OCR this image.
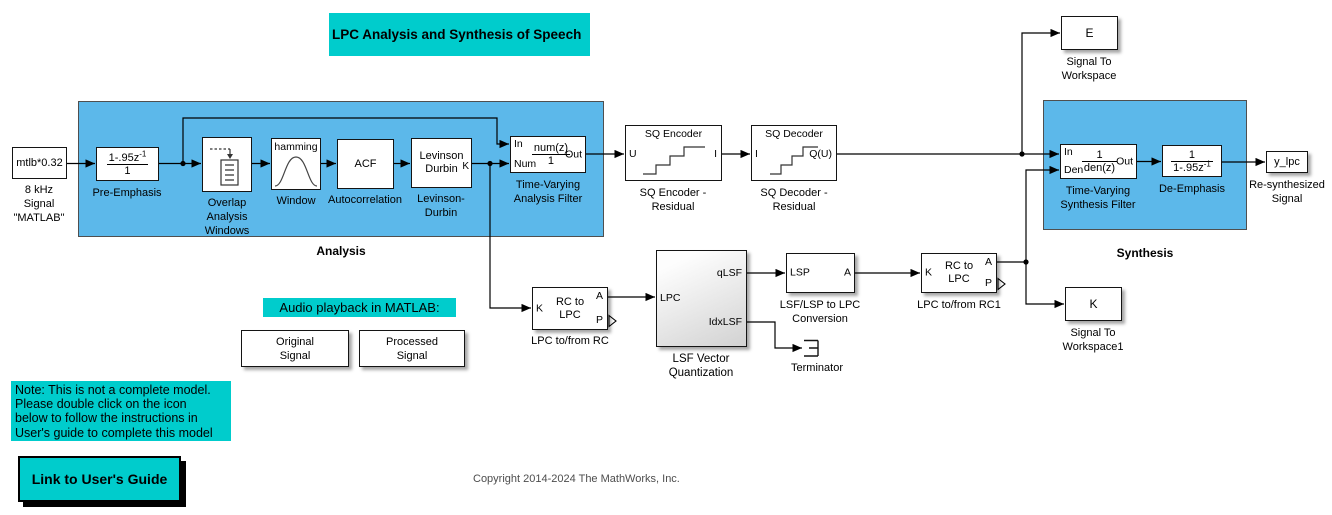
Analysis	Synthesis
LPC Analysis and Synthesis of Speech
mtlb*0.32
8 kHz
Signal
"MATLAB"
$\frac{1-.95z^{-1}}{1}$
Pre-Emphasis
Overlap
Analysis
Windows
hamming
Window
ACF
Autocorrelation
Levinson
Durbin K
Levinson-
Durbin
In
Num
Out
$\frac{\text{num(z)}}{1}$
Time-Varying
Analysis Filter
SQ Encoder
U	I
SQ Encoder -
Residual
SQ Decoder
I	Q(U)
SQ Decoder -
Residual
E
Signal To
Workspace
In
Den
Out
$\frac{1}{\text{den(z)}}$
Time-Varying
Synthesis Filter
$\frac{1}{1-.95z^{-1}}$
De-Emphasis
y_lpc
Re-synthesized
Signal
K
A
P
RC to
LPC
LPC to/from RC
LPC
qLSF
IdxLSF
LSF Vector
Quantization
LSP	A
LSF/LSP to LPC
Conversion
K
A
P
RC to
LPC
LPC to/from RC1	K
Signal To
Workspace1
Terminator
Audio playback in MATLAB:
Original
Signal
Processed
Signal
Note: This is not a complete model.
Please double click on the icon
below to follow the instructions in
User's guide to complete this model
Link to User's Guide	Copyright 2014-2024 The MathWorks, Inc.
